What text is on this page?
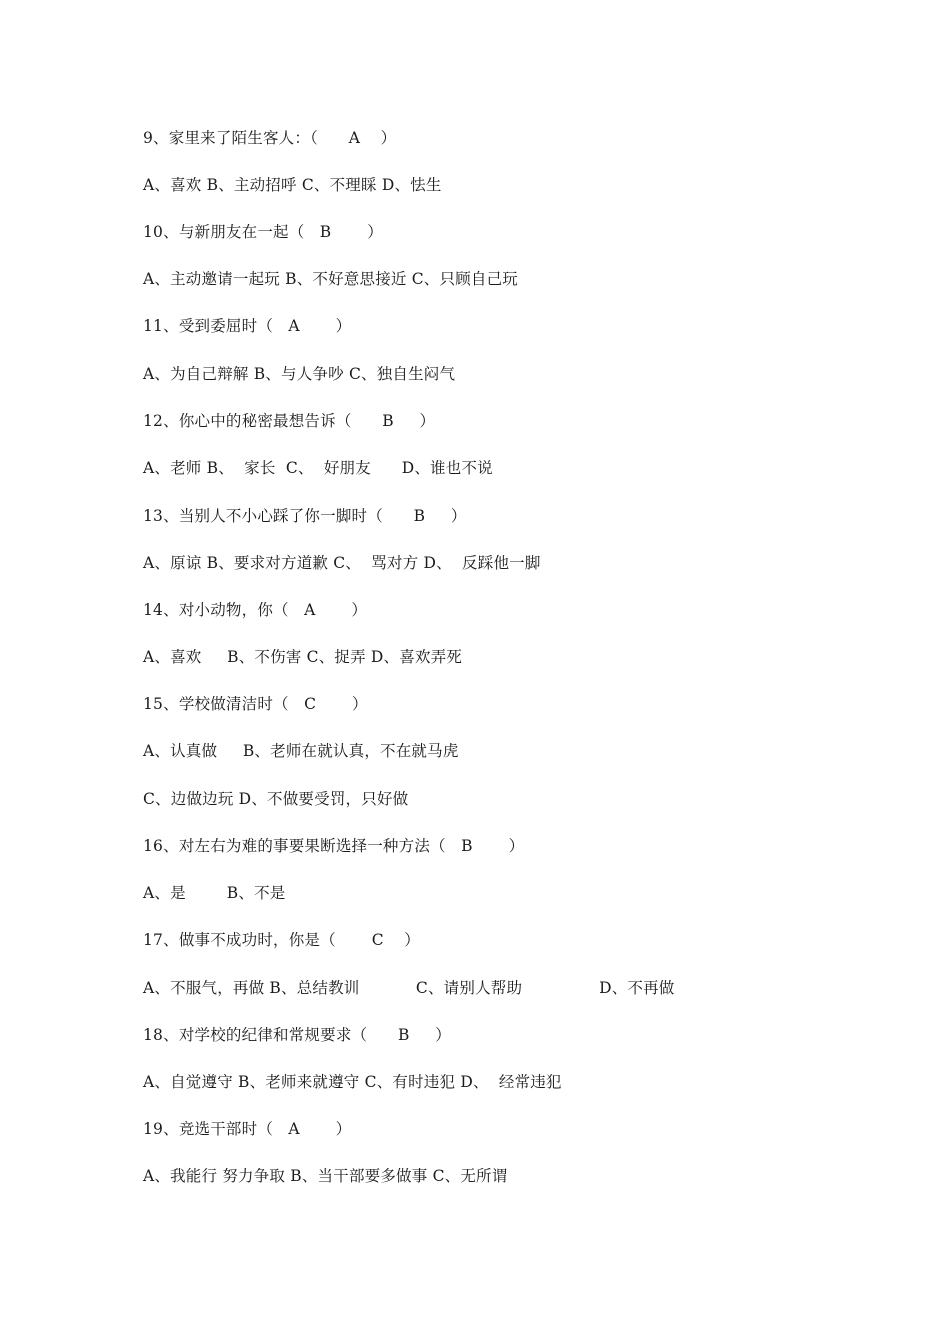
9、家里来了陌生客人：（      A    ）
A、喜欢 B、主动招呼 C、不理睬 D、怯生
10、与新朋友在一起（   B       ）
A、主动邀请一起玩 B、不好意思接近 C、只顾自己玩
11、受到委屈时（   A       ）
A、为自己辩解 B、与人争吵 C、独自生闷气
12、你心中的秘密最想告诉（      B     ）
A、老师 B、  家长  C、  好朋友      D、谁也不说
13、当别人不小心踩了你一脚时（      B     ）
A、原谅 B、要求对方道歉 C、  骂对方 D、  反踩他一脚
14、对小动物，你（   A       ）
A、喜欢     B、不伤害 C、捉弄 D、喜欢弄死
15、学校做清洁时（   C       ）
A、认真做     B、老师在就认真，不在就马虎
C、边做边玩 D、不做要受罚，只好做
16、对左右为难的事要果断选择一种方法（   B       ）
A、是        B、不是
17、做事不成功时，你是（       C    ）
A、不服气，再做 B、总结教训           C、请别人帮助               D、不再做
18、对学校的纪律和常规要求（      B     ）
A、自觉遵守 B、老师来就遵守 C、有时违犯 D、  经常违犯
19、竞选干部时（   A       ）
A、我能行 努力争取 B、当干部要多做事 C、无所谓
